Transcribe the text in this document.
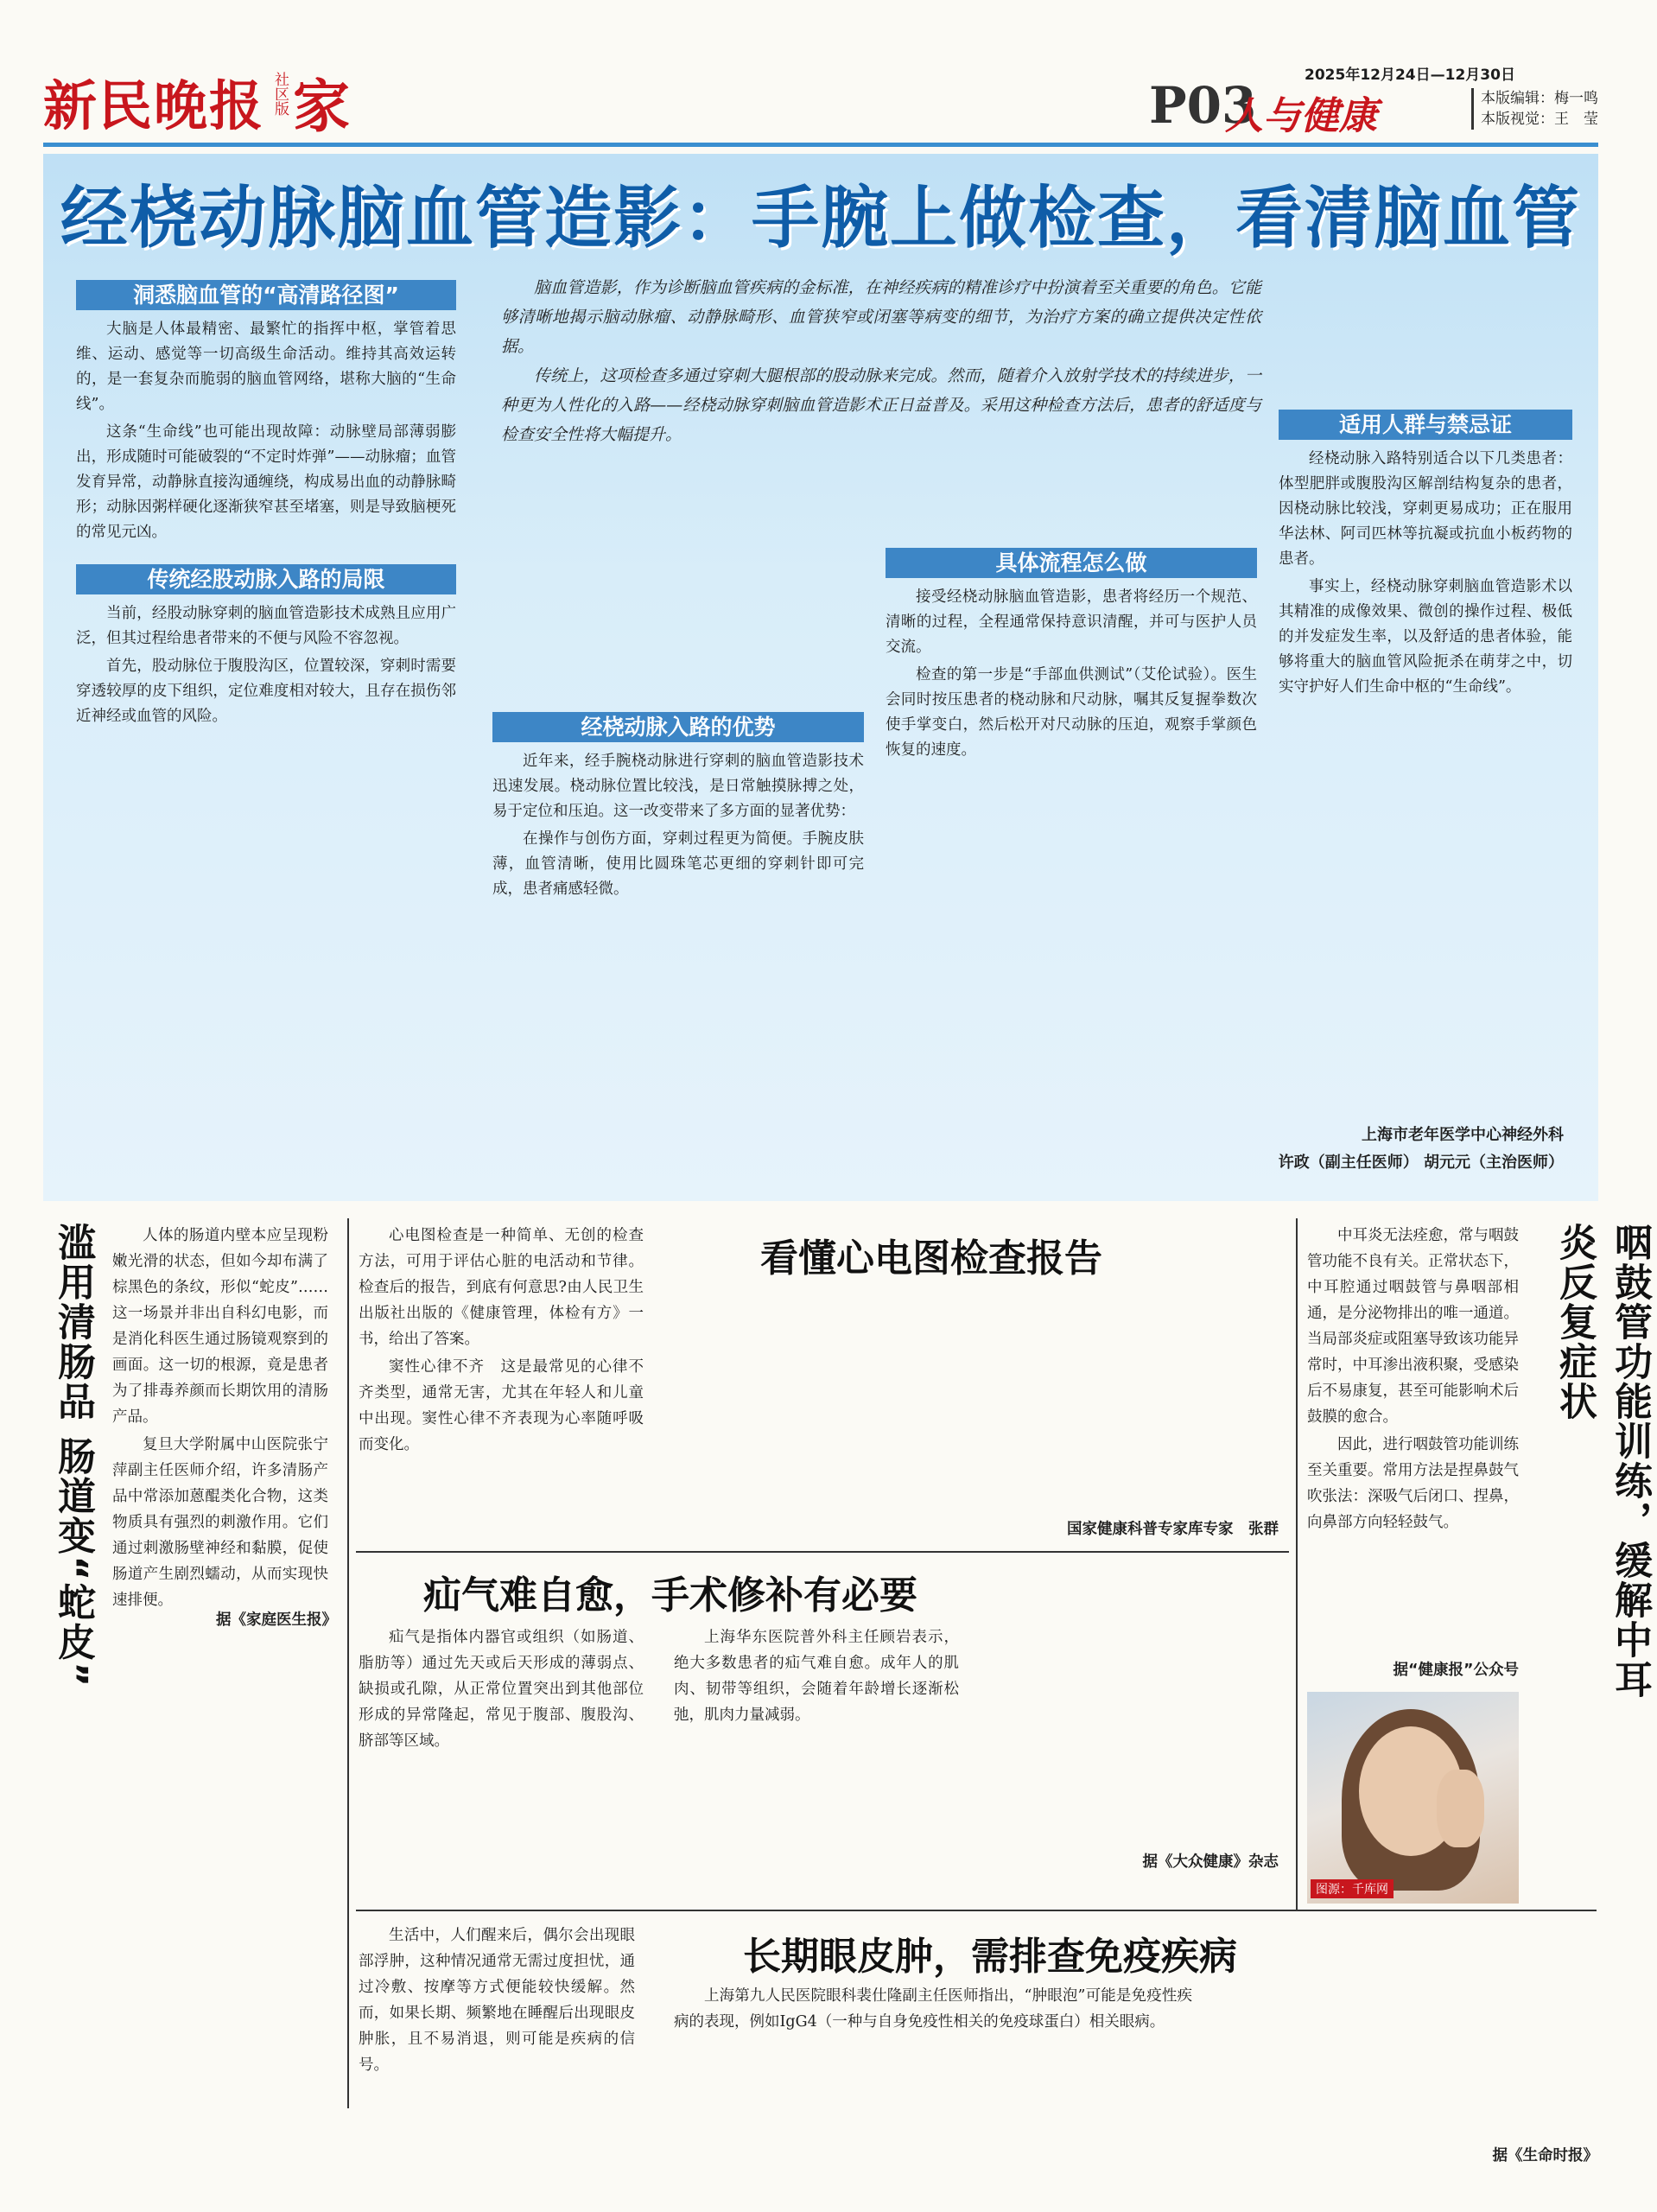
新民晚报 社区版 家	2025年12月24日—12月30日
P03
人与健康	本版编辑：梅一鸣
本版视觉：王　莹
经桡动脉脑血管造影：手腕上做检查，看清脑血管
洞悉脑血管的“高清路径图”

大脑是人体最精密、最繁忙的指挥中枢，掌管着思维、运动、感觉等一切高级生命活动。维持其高效运转的，是一套复杂而脆弱的脑血管网络，堪称大脑的“生命线”。

这条“生命线”也可能出现故障：动脉壁局部薄弱膨出，形成随时可能破裂的“不定时炸弹”——动脉瘤；血管发育异常，动静脉直接沟通缠绕，构成易出血的动静脉畸形；动脉因粥样硬化逐渐狭窄甚至堵塞，则是导致脑梗死的常见元凶。

传统经股动脉入路的局限

当前，经股动脉穿刺的脑血管造影技术成熟且应用广泛，但其过程给患者带来的不便与风险不容忽视。

首先，股动脉位于腹股沟区，位置较深，穿刺时需要穿透较厚的皮下组织，定位难度相对较大，且存在损伤邻近神经或血管的风险。

脑血管造影，作为诊断脑血管疾病的金标准，在神经疾病的精准诊疗中扮演着至关重要的角色。它能够清晰地揭示脑动脉瘤、动静脉畸形、血管狭窄或闭塞等病变的细节，为治疗方案的确立提供决定性依据。

传统上，这项检查多通过穿刺大腿根部的股动脉来完成。然而，随着介入放射学技术的持续进步，一种更为人性化的入路——经桡动脉穿刺脑血管造影术正日益普及。采用这种检查方法后，患者的舒适度与检查安全性将大幅提升。

经桡动脉入路的优势

近年来，经手腕桡动脉进行穿刺的脑血管造影技术迅速发展。桡动脉位置比较浅，是日常触摸脉搏之处，易于定位和压迫。这一改变带来了多方面的显著优势：

在操作与创伤方面，穿刺过程更为简便。手腕皮肤薄，血管清晰，使用比圆珠笔芯更细的穿刺针即可完成，患者痛感轻微。

具体流程怎么做

接受经桡动脉脑血管造影，患者将经历一个规范、清晰的过程，全程通常保持意识清醒，并可与医护人员交流。

检查的第一步是“手部血供测试”（艾伦试验）。医生会同时按压患者的桡动脉和尺动脉，嘱其反复握拳数次使手掌变白，然后松开对尺动脉的压迫，观察手掌颜色恢复的速度。

适用人群与禁忌证

经桡动脉入路特别适合以下几类患者：体型肥胖或腹股沟区解剖结构复杂的患者，因桡动脉比较浅，穿刺更易成功；正在服用华法林、阿司匹林等抗凝或抗血小板药物的患者。

事实上，经桡动脉穿刺脑血管造影术以其精准的成像效果、微创的操作过程、极低的并发症发生率，以及舒适的患者体验，能够将重大的脑血管风险扼杀在萌芽之中，切实守护好人们生命中枢的“生命线”。

上海市老年医学中心神经外科
许政（副主任医师） 胡元元（主治医师）
滥用清肠品 肠道变“蛇皮”	人体的肠道内壁本应呈现粉嫩光滑的状态，但如今却布满了棕黑色的条纹，形似“蛇皮”……这一场景并非出自科幻电影，而是消化科医生通过肠镜观察到的画面。这一切的根源，竟是患者为了排毒养颜而长期饮用的清肠产品。

复旦大学附属中山医院张宁萍副主任医师介绍，许多清肠产品中常添加蒽醌类化合物，这类物质具有强烈的刺激作用。它们通过刺激肠壁神经和黏膜，促使肠道产生剧烈蠕动，从而实现快速排便。

据《家庭医生报》

心电图检查是一种简单、无创的检查方法，可用于评估心脏的电活动和节律。检查后的报告，到底有何意思?由人民卫生出版社出版的《健康管理，体检有方》一书，给出了答案。

窦性心律不齐　这是最常见的心律不齐类型，通常无害，尤其在年轻人和儿童中出现。窦性心律不齐表现为心率随呼吸而变化。

看懂心电图检查报告

国家健康科普专家库专家　张群

疝气难自愈，手术修补有必要

疝气是指体内器官或组织（如肠道、脂肪等）通过先天或后天形成的薄弱点、缺损或孔隙，从正常位置突出到其他部位形成的异常隆起，常见于腹部、腹股沟、脐部等区域。

上海华东医院普外科主任顾岩表示，绝大多数患者的疝气难自愈。成年人的肌肉、韧带等组织，会随着年龄增长逐渐松弛，肌肉力量减弱。

据《大众健康》杂志

中耳炎无法痊愈，常与咽鼓管功能不良有关。正常状态下，中耳腔通过咽鼓管与鼻咽部相通，是分泌物排出的唯一通道。当局部炎症或阻塞导致该功能异常时，中耳渗出液积聚，受感染后不易康复，甚至可能影响术后鼓膜的愈合。

因此，进行咽鼓管功能训练至关重要。常用方法是捏鼻鼓气吹张法：深吸气后闭口、捏鼻，向鼻部方向轻轻鼓气。

据“健康报”公众号	咽鼓管功能训练，缓解中耳炎反复症状
图源：千库网

生活中，人们醒来后，偶尔会出现眼部浮肿，这种情况通常无需过度担忧，通过冷敷、按摩等方式便能较快缓解。然而，如果长期、频繁地在睡醒后出现眼皮肿胀，且不易消退，则可能是疾病的信号。

长期眼皮肿，需排查免疫疾病

上海第九人民医院眼科裴仕隆副主任医师指出，“肿眼泡”可能是免疫性疾病的表现，例如IgG4（一种与自身免疫性相关的免疫球蛋白）相关眼病。

据《生命时报》
